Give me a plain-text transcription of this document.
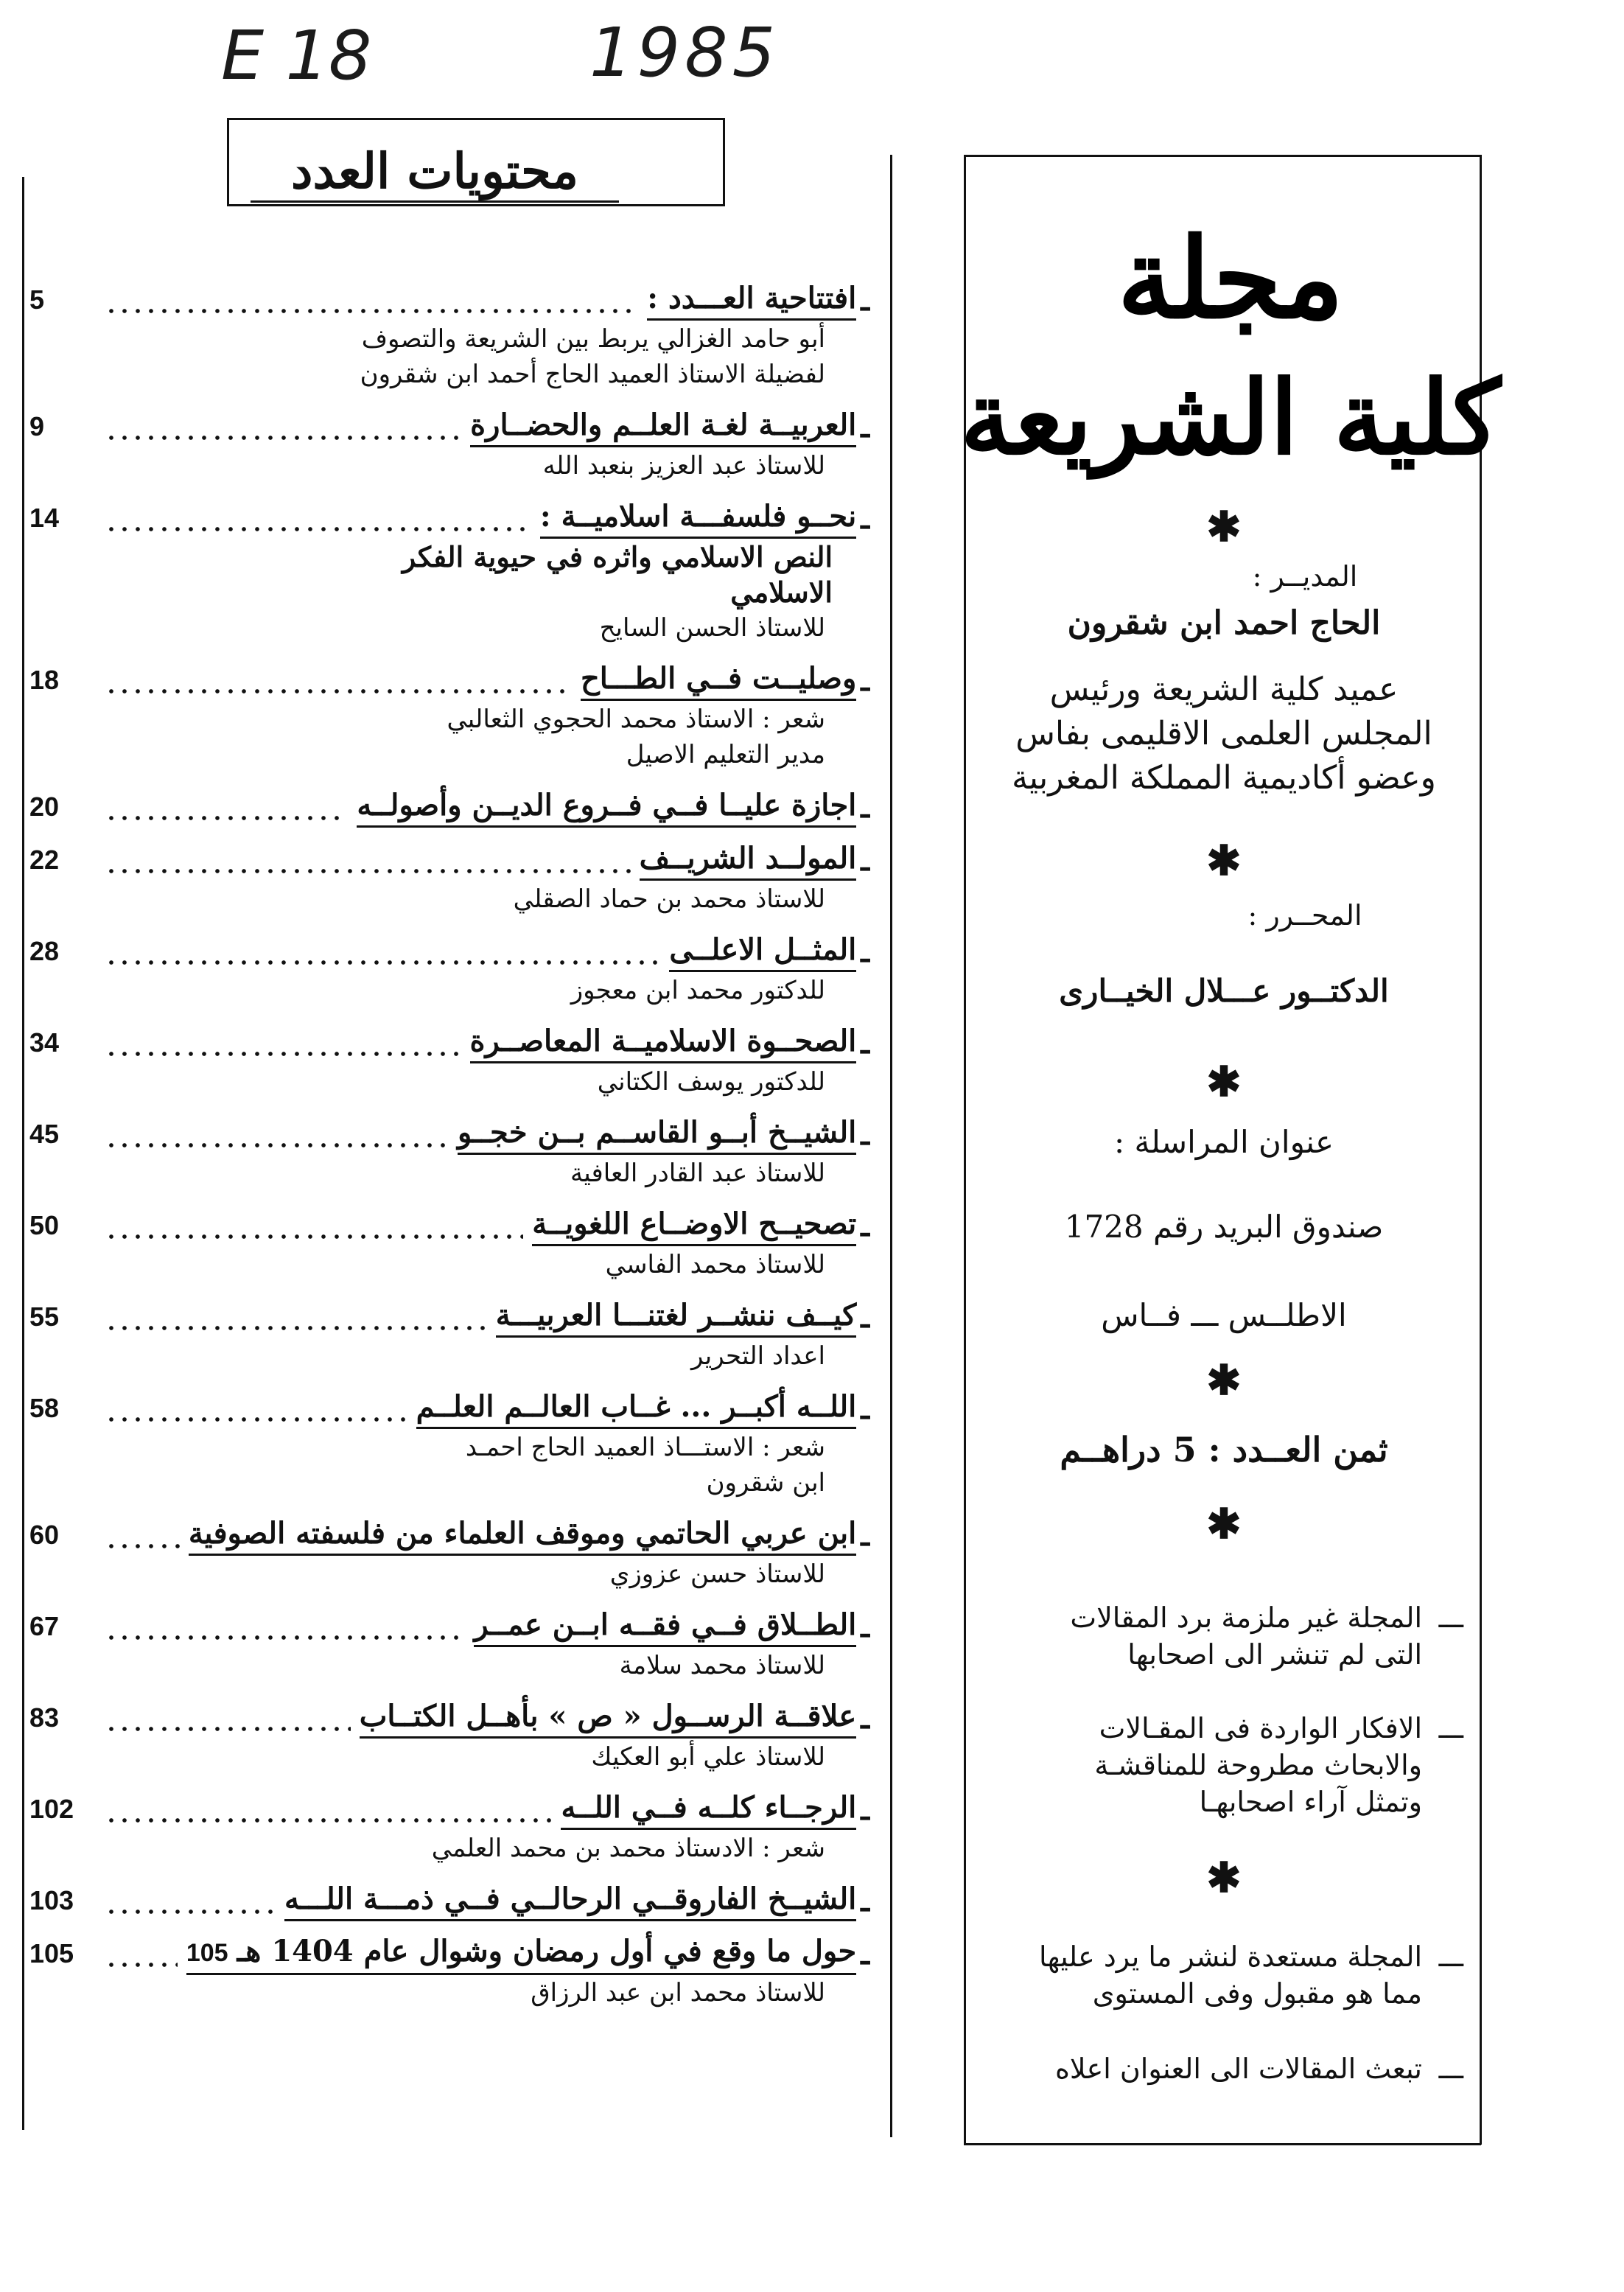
18 E	1985
محتويات العدد
ـ
افتتاحية العـــدد :
5
أبو حامد الغزالي يربط بين الشريعة والتصوف
لفضيلة الاستاذ العميد الحاج أحمد ابن شقرون
ـ
العربيــة لغـة العلــم والحضــارة
9
للاستاذ عبد العزيز بنعبد الله
ـ
نحــو فلسفـــة اسلاميــة :
14
النص الاسلامي واثره في حيوية الفكر
الاسلامي
للاستاذ الحسن السايح
ـ
وصليــت فــي الطـــاح
18
شعر : الاستاذ محمد الحجوي الثعالبي
مدير التعليم الاصيل
ـ
اجازة عليــا فــي فــروع الديــن وأصولــه
20
ـ
المولــد الشريــف
22
للاستاذ محمد بن حماد الصقلي
ـ
المثــل الاعلــى
28
للدكتور محمد ابن معجوز
ـ
الصحــوة الاسلاميــة المعاصــرة
34
للدكتور يوسف الكتاني
ـ
الشيــخ أبــو القاســم بــن خجــو
45
للاستاذ عبد القادر العافية
ـ
تصحيــح الاوضــاع اللغويــة
50
للاستاذ محمد الفاسي
ـ
كيــف ننشــر لغتنـــا العربيـــة
55
اعداد التحرير
ـ
اللــه أكبــر ... غــاب العالــم العلــم
58
شعر : الاستـــاذ العميد الحاج احمـد
ابن شقرون
ـ
ابن عربي الحاتمي وموقف العلماء من فلسفته الصوفية
60
للاستاذ حسن عزوزي
ـ
الطــلاق فــي فقــه ابــن عمــر
67
للاستاذ محمد سلامة
ـ
علاقــة الرســول « ص » بأهــل الكتــاب
83
للاستاذ علي أبو العكيك
ـ
الرجــاء كلــه فــي اللــه
102
شعر : الادستاذ محمد بن محمد العلمي
ـ
الشيــخ الفاروقــي الرحالــي فــي ذمـــة اللـــه
103
ـ
حول ما وقع في أول رمضان وشوال عام 1404 هـ105
105
للاستاذ محمد ابن عبد الرزاق
مجلة
كلية الشريعة
✱
المديــر :
الحاج احمد ابن شقرون
عميد كلية الشريعة ورئيس
المجلس العلمى الاقليمى بفاس
وعضو أكاديمية المملكة المغربية
✱
المحــرر :
الدكتــور عـــلال الخيــارى
✱
عنوان المراسلة :
صندوق البريد رقم 1728
الاطلــس ـــ فــاس
✱
ثمن العــدد : 5 دراهــم
✱
✱
ـــ
المجلة غير ملزمة برد المقالات
التى لم تنشر الى اصحابها
ـــ
الافكار الواردة فى المقـالات
والابحاث مطروحة للمناقشـة
وتمثل آراء اصحابهـا
ـــ
المجلة مستعدة لنشر ما يرد عليها
مما هو مقبول وفى المستوى
ـــ
تبعث المقالات الى العنوان اعلاه
